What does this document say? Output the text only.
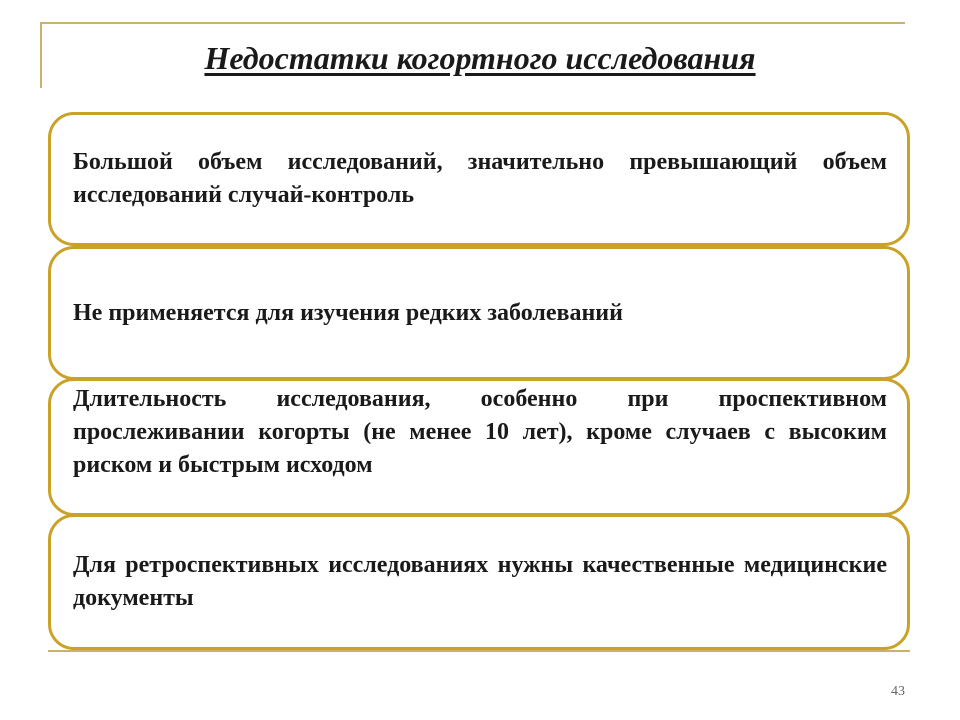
Недостатки когортного исследования

Большой объем исследований, значительно превышающий объем исследований случай-контроль

Не применяется для изучения редких заболеваний

Длительность исследования, особенно при проспективном прослеживании когорты (не менее 10 лет), кроме случаев с высоким риском и быстрым исходом

Для ретроспективных исследованиях нужны качественные медицинские документы

43
